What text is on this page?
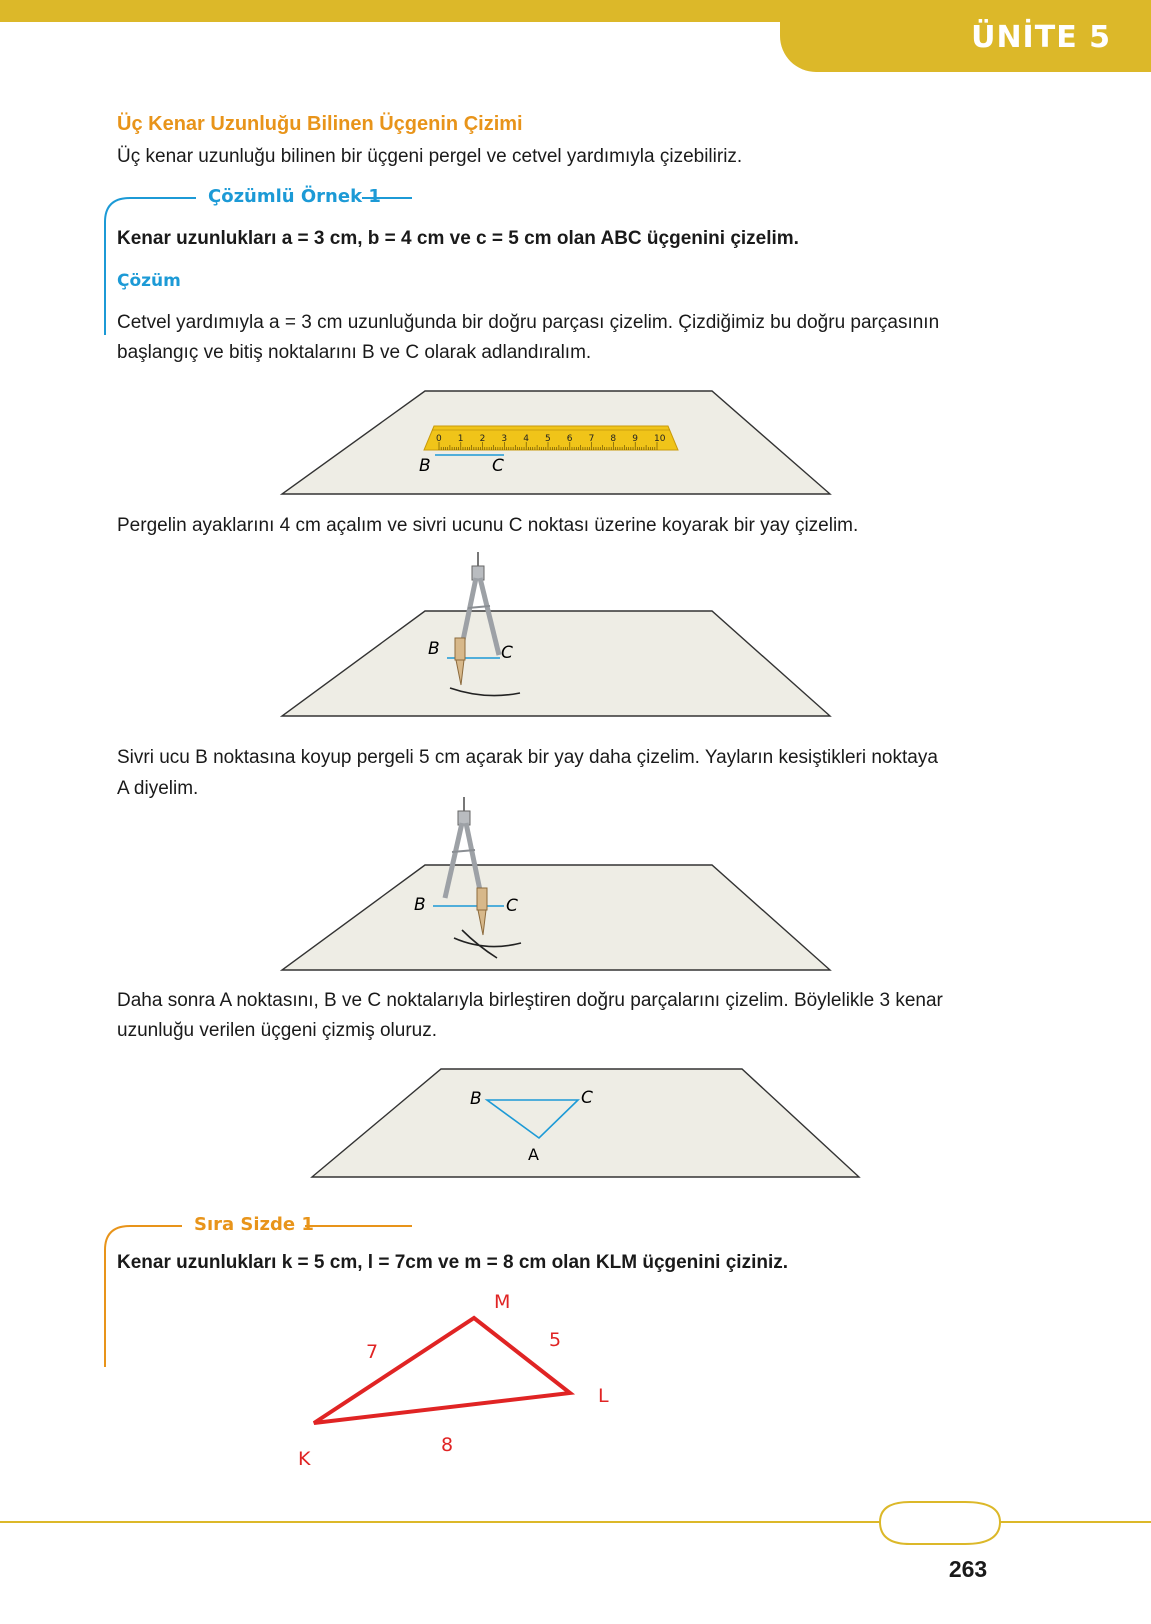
ÜNİTE 5
Üç Kenar Uzunluğu Bilinen Üçgenin Çizimi
Üç kenar uzunluğu bilinen bir üçgeni pergel ve cetvel yardımıyla çizebiliriz.
Çözümlü Örnek 1
Kenar uzunlukları a = 3 cm, b = 4 cm ve c = 5 cm olan ABC üçgenini çizelim.
Çözüm
Cetvel yardımıyla a = 3 cm uzunluğunda bir doğru parçası çizelim. Çizdiğimiz bu doğru parçasının
başlangıç ve bitiş noktalarını B ve C olarak adlandıralım.
0 1 2 3 4 5 6 7 8 9 10
B	C
Pergelin ayaklarını 4 cm açalım ve sivri ucunu C noktası üzerine koyarak bir yay çizelim.
B	C
Sivri ucu B noktasına koyup pergeli 5 cm açarak bir yay daha çizelim. Yayların kesiştikleri noktaya
A diyelim.
B	C
Daha sonra A noktasını, B ve C noktalarıyla birleştiren doğru parçalarını çizelim. Böylelikle 3 kenar
uzunluğu verilen üçgeni çizmiş oluruz.
B	C
A
Sıra Sizde 1
Kenar uzunlukları k = 5 cm, l = 7cm ve m = 8 cm olan KLM üçgenini çiziniz.
M
L
K
7
5
8
263
